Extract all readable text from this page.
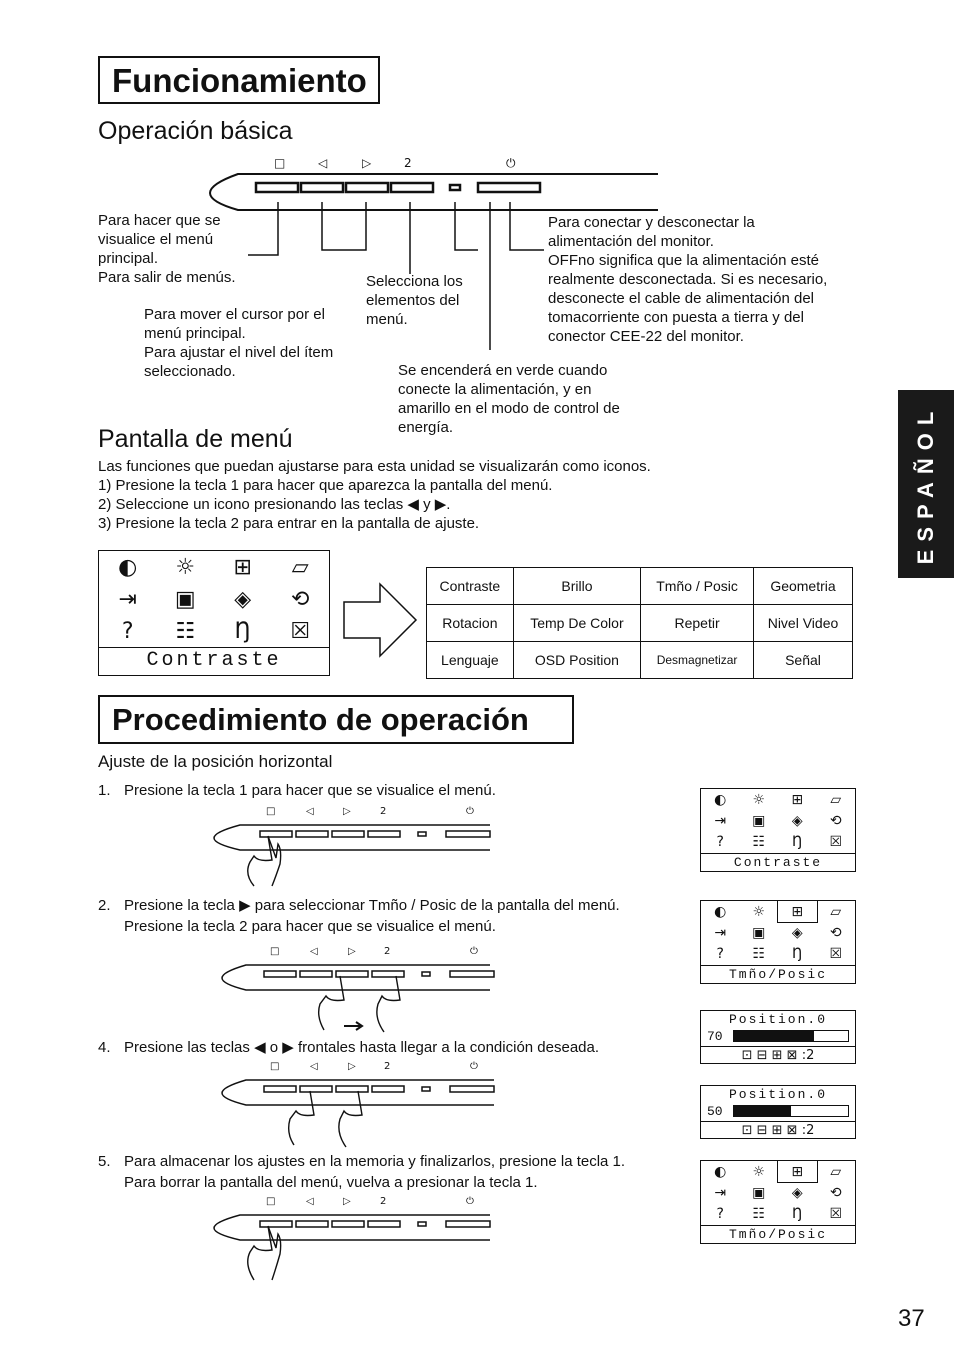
Funcionamiento
Operación básica
□	◁	▷	2	⏻
Para hacer que se
visualice el menú
principal.
Para salir de menús.
Para mover el cursor por el
menú principal.
Para ajustar el nivel del ítem
seleccionado.
Selecciona los
elementos del
menú.
Se encenderá en verde cuando
conecte la alimentación, y en
amarillo en el modo de control de
energía.
Para conectar y desconectar la
alimentación del monitor.
OFFno significa que la alimentación esté
realmente desconectada. Si es necesario,
desconecte el cable de alimentación del
tomacorriente con puesta a tierra y del
conector CEE-22 del monitor.
Pantalla de menú
Las funciones que puedan ajustarse para esta unidad se visualizarán como iconos.
1) Presione la tecla 1 para hacer que aparezca la pantalla del menú.
2) Seleccione un icono presionando las teclas ◀ y ▶.
3) Presione la tecla 2 para entrar en la pantalla de ajuste.
◐	☼	⊞	▱
⇥	▣	◈	⟲
?	☷	Ŋ	☒
Contraste
Contraste	Brillo	Tmño / Posic	Geometria
Rotacion	Temp De Color	Repetir	Nivel Video
Lenguaje	OSD Position	Desmagnetizar	Señal
Procedimiento de operación
Ajuste de la posición horizontal
1. Presione la tecla 1 para hacer que se visualice el menú.
2. Presione la tecla ▶ para seleccionar Tmño / Posic de la pantalla del menú.
Presione la tecla 2 para hacer que se visualice el menú.
4. Presione las teclas ◀ o ▶ frontales hasta llegar a la condición deseada.
5. Para almacenar los ajustes en la memoria y finalizarlos, presione la tecla 1.
Para borrar la pantalla del menú, vuelva a presionar la tecla 1.
□	◁	▷	2	⏻
□	◁	▷	2	⏻
□	◁	▷	2	⏻
□	◁	▷	2	⏻
◐	☼	⊞	▱
⇥	▣	◈	⟲
?	☷	Ŋ	☒
Contraste
◐	☼	⊞	▱
⇥	▣	◈	⟲
?	☷	Ŋ	☒
Tmño/Posic
Position.0
70
⊡ ⊟ ⊞ ⊠ :2
Position.0
50
⊡ ⊟ ⊞ ⊠ :2
◐	☼	⊞	▱
⇥	▣	◈	⟲
?	☷	Ŋ	☒
Tmño/Posic
ESPAÑOL
37
